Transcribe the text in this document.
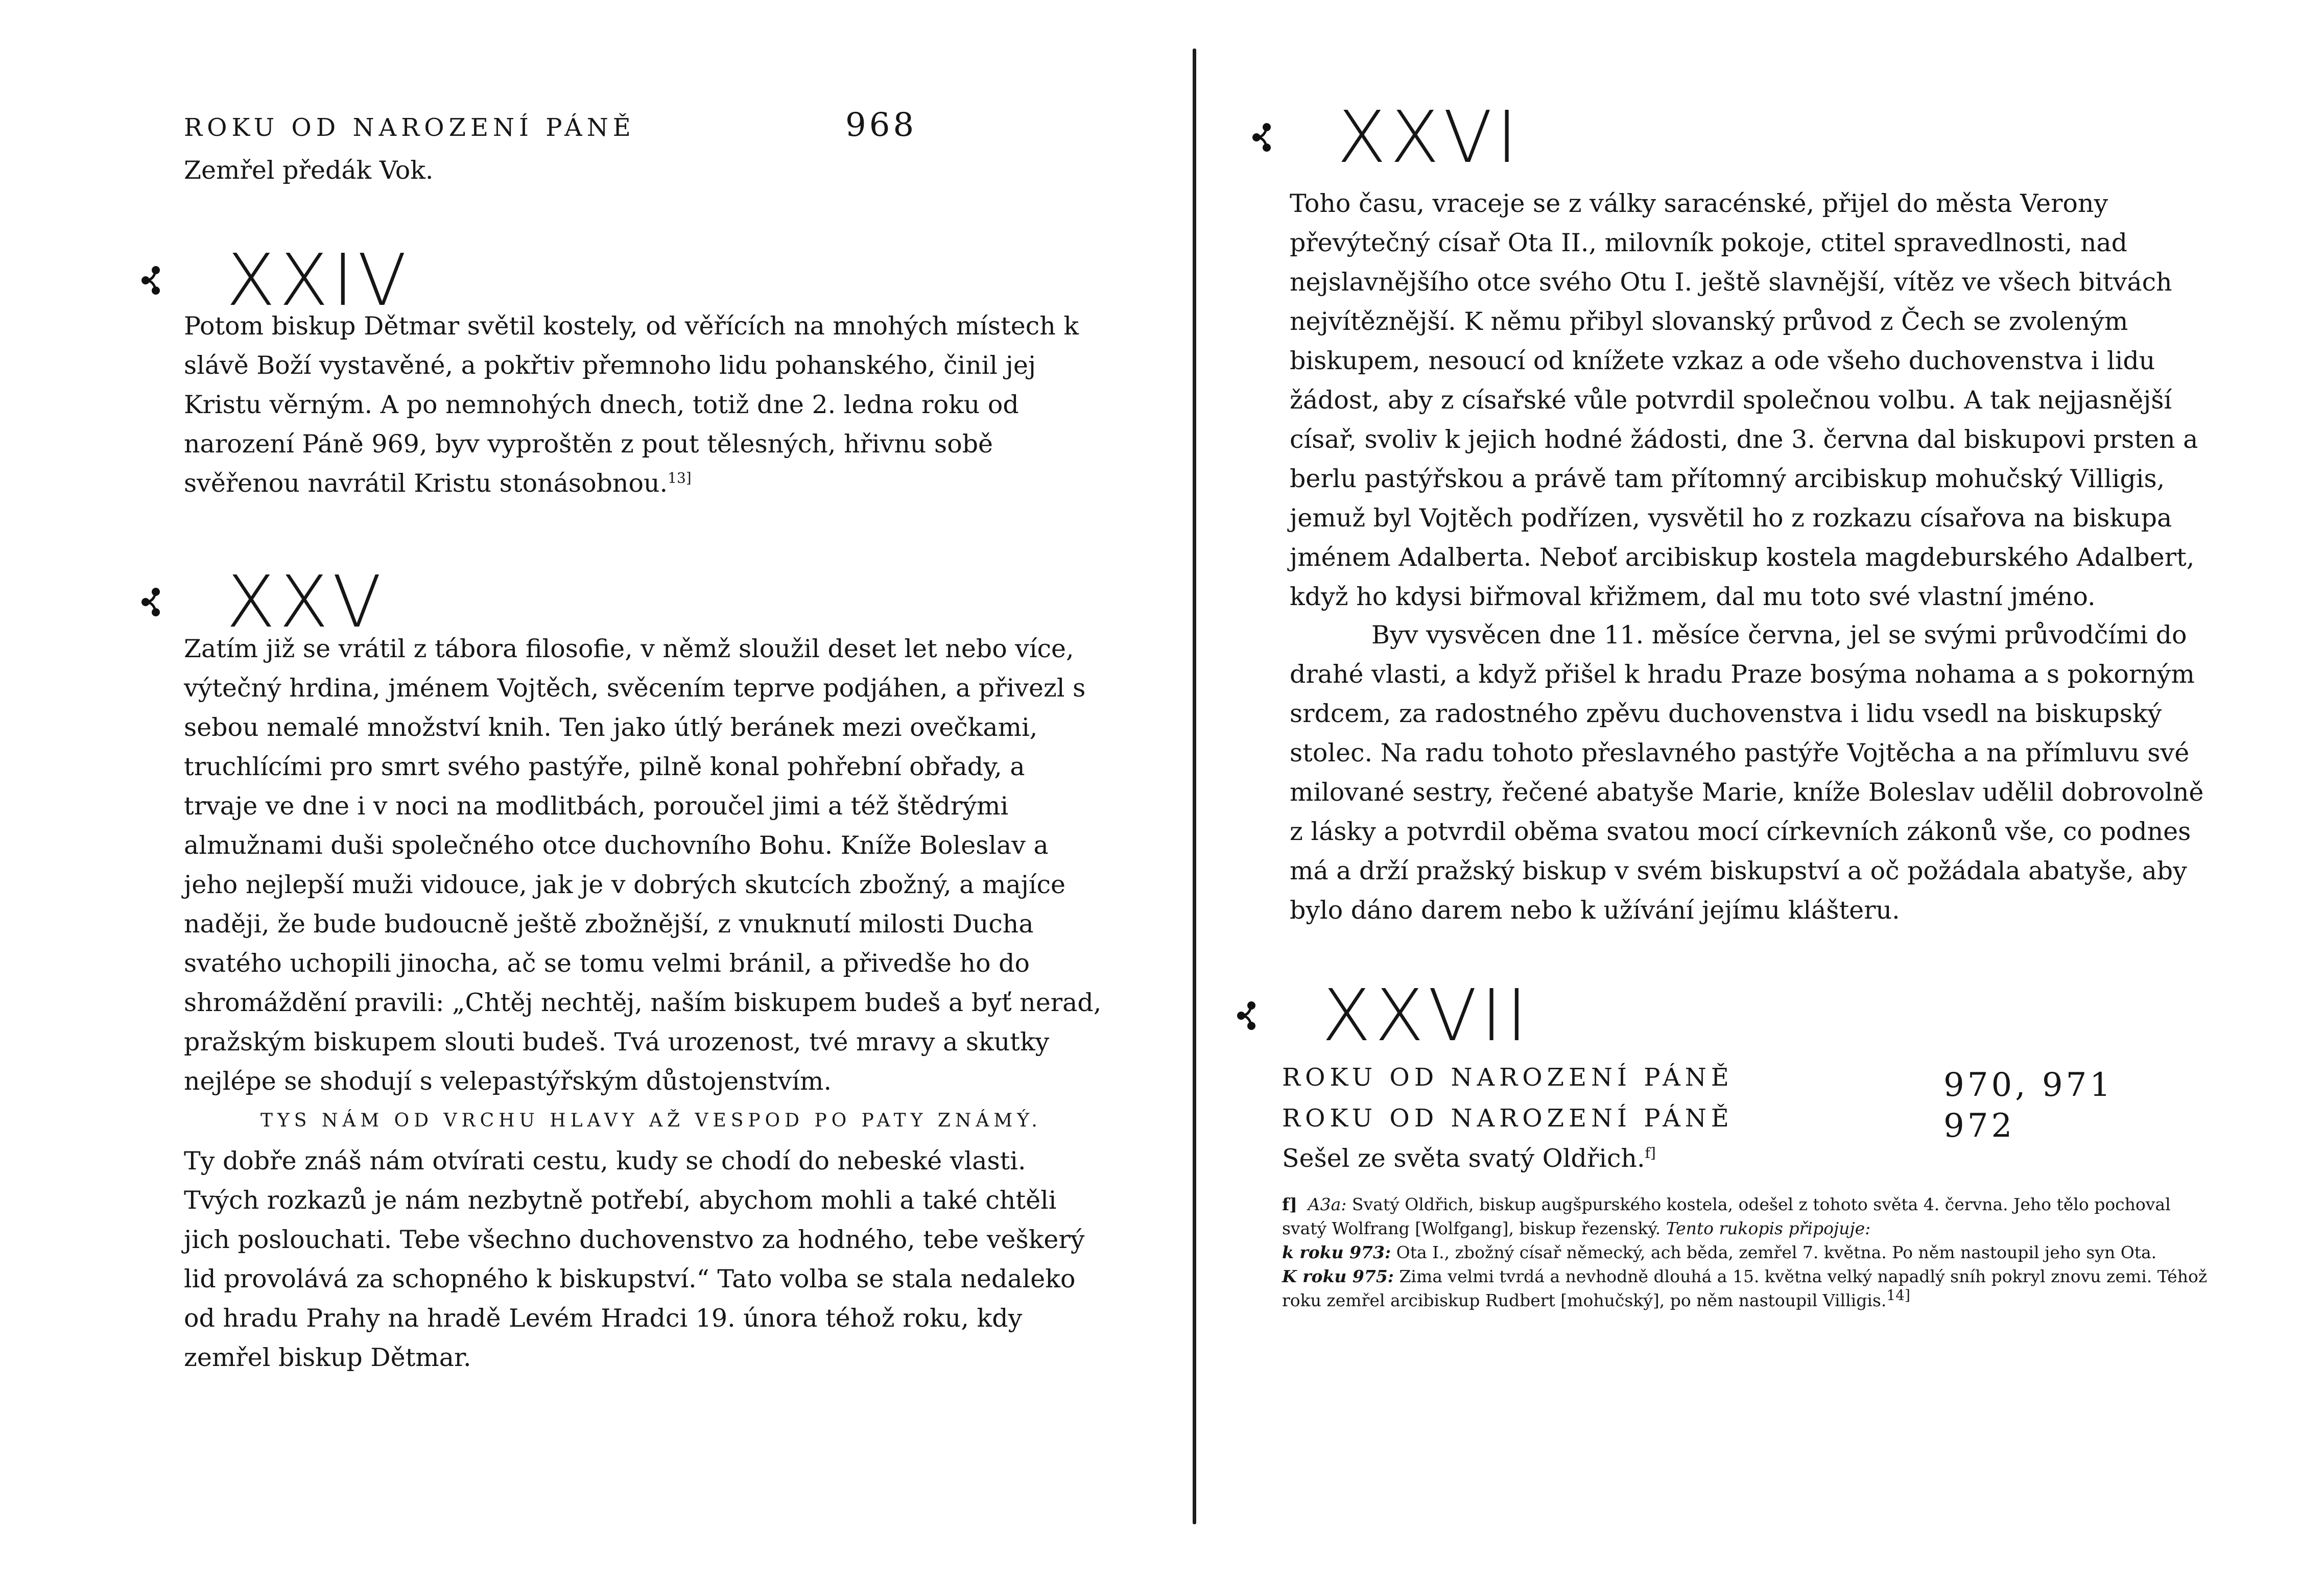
ROKU OD NAROZENÍ PÁNĚ	968

Zemřel předák Vok.

XXIV

Potom biskup Dětmar světil kostely, od věřících na mnohých místech k slávě Boží vystavěné, a pokřtiv přemnoho lidu pohanského, činil jej Kristu věrným. A po nemnohých dnech, totiž dne 2. ledna roku od narození Páně 969, byv vyproštěn z pout tělesných, hřivnu sobě svěřenou navrátil Kristu stonásobnou.$^{13]}$

XXV

Zatím již se vrátil z tábora filosofie, v němž sloužil deset let nebo více, výtečný hrdina, jménem Vojtěch, svěcením teprve podjáhen, a přivezl s sebou nemalé množství knih. Ten jako útlý beránek mezi ovečkami, truchlícími pro smrt svého pastýře, pilně konal pohřební obřady, a trvaje ve dne i v noci na modlitbách, poroučel jimi a též štědrými almužnami duši společného otce duchovního Bohu. Kníže Boleslav a jeho nejlepší muži vidouce, jak je v dobrých skutcích zbožný, a majíce naději, že bude budoucně ještě zbožnější, z vnuknutí milosti Ducha svatého uchopili jinocha, ač se tomu velmi bránil, a přivedše ho do shromáždění pravili: „Chtěj nechtěj, naším biskupem budeš a byť nerad, pražským biskupem slouti budeš. Tvá urozenost, tvé mravy a skutky nejlépe se shodují s velepastýřským důstojenstvím.

TYS NÁM OD VRCHU HLAVY AŽ VESPOD PO PATY ZNÁMÝ.

Ty dobře znáš nám otvírati cestu, kudy se chodí do nebeské vlasti. Tvých rozkazů je nám nezbytně potřebí, abychom mohli a také chtěli jich poslouchati. Tebe všechno duchovenstvo za hodného, tebe veškerý lid provolává za schopného k biskupství.“ Tato volba se stala nedaleko od hradu Prahy na hradě Levém Hradci 19. února téhož roku, kdy zemřel biskup Dětmar.

XXVI

Toho času, vraceje se z války saracénské, přijel do města Verony převýtečný císař Ota II., milovník pokoje, ctitel spravedlnosti, nad nejslavnějšího otce svého Otu I. ještě slavnější, vítěz ve všech bitvách nejvítěznější. K němu přibyl slovanský průvod z Čech se zvoleným biskupem, nesoucí od knížete vzkaz a ode všeho duchovenstva i lidu žádost, aby z císařské vůle potvrdil společnou volbu. A tak nejjasnější císař, svoliv k jejich hodné žádosti, dne 3. června dal biskupovi prsten a berlu pastýřskou a právě tam přítomný arcibiskup mohučský Villigis, jemuž byl Vojtěch podřízen, vysvětil ho z rozkazu císařova na biskupa jménem Adalberta. Neboť arcibiskup kostela magdeburského Adalbert, když ho kdysi biřmoval křižmem, dal mu toto své vlastní jméno.

Byv vysvěcen dne 11. měsíce června, jel se svými průvodčími do drahé vlasti, a když přišel k hradu Praze bosýma nohama a s pokorným srdcem, za radostného zpěvu duchovenstva i lidu vsedl na biskupský stolec. Na radu tohoto přeslavného pastýře Vojtěcha a na přímluvu své milované sestry, řečené abatyše Marie, kníže Boleslav udělil dobrovolně z lásky a potvrdil oběma svatou mocí církevních zákonů vše, co podnes má a drží pražský biskup v svém biskupství a oč požádala abatyše, aby bylo dáno darem nebo k užívání jejímu klášteru.

XXVII
ROKU OD NAROZENÍ PÁNĚ	970, 971
ROKU OD NAROZENÍ PÁNĚ	972

Sešel ze světa svatý Oldřich.$^{f]}$

f] A3a: Svatý Oldřich, biskup augšpurského kostela, odešel z tohoto světa 4. června. Jeho tělo pochoval svatý Wolfrang [Wolfgang], biskup řezenský. Tento rukopis připojuje:
k roku 973: Ota I., zbožný císař německý, ach běda, zemřel 7. května. Po něm nastoupil jeho syn Ota.
K roku 975: Zima velmi tvrdá a nevhodně dlouhá a 15. května velký napadlý sníh pokryl znovu zemi. Téhož roku zemřel arcibiskup Rudbert [mohučský], po něm nastoupil Villigis.$^{14]}$
